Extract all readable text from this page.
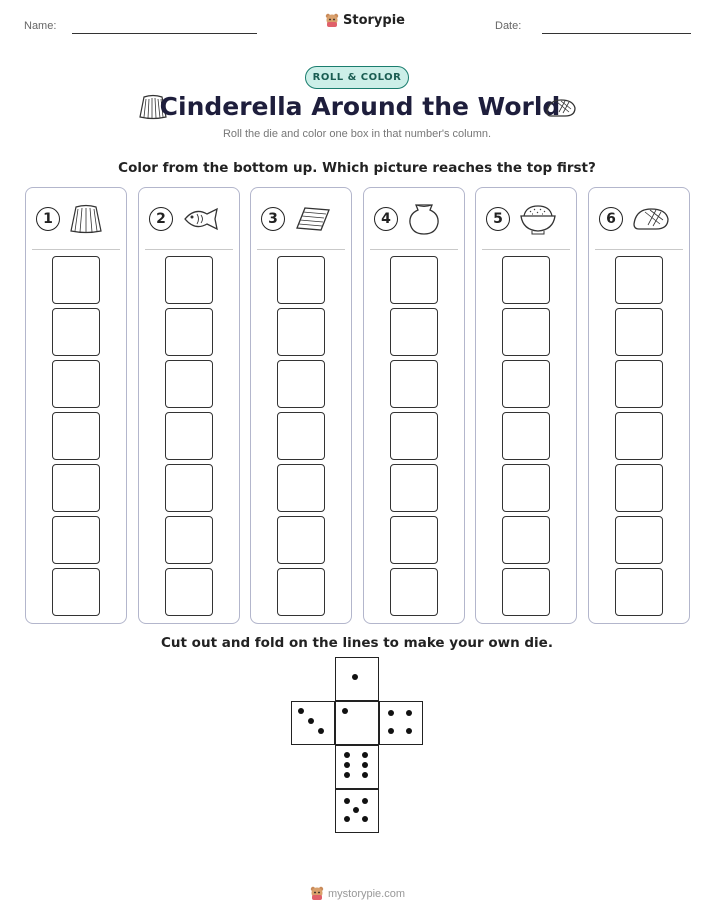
Name:	Storypie	Date:
ROLL & COLOR
Cinderella Around the World
Roll the die and color one box in that number's column.
Color from the bottom up. Which picture reaches the top first?
1	2	3	4	5	6
Cut out and fold on the lines to make your own die.
mystorypie.com
